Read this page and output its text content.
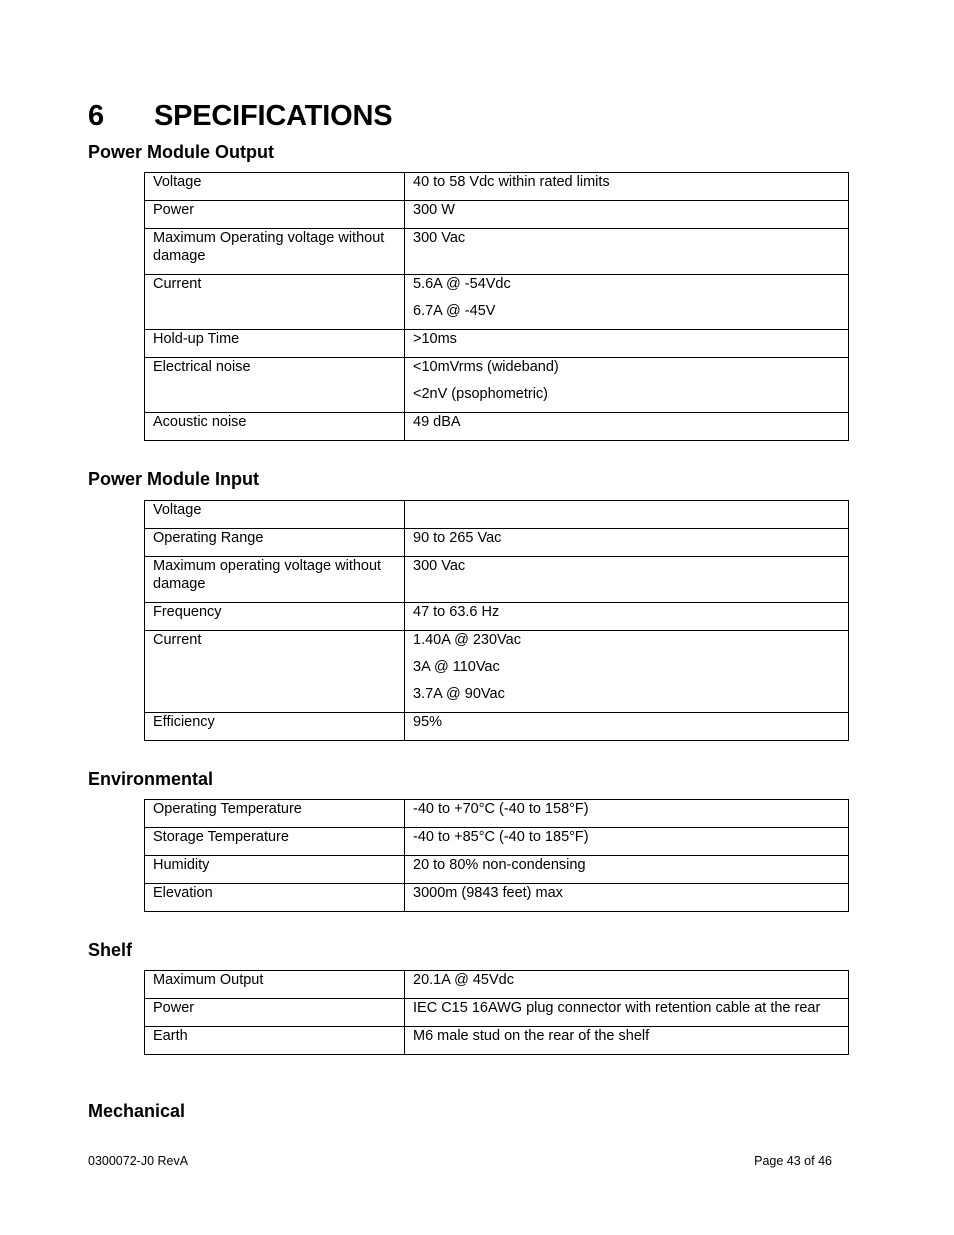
6 SPECIFICATIONS
Power Module Output
Voltage	40 to 58 Vdc within rated limits

Power	300 W

Maximum Operating voltage without damage	300 Vac

Current	5.6A @ -54Vdc
6.7A @ -45V

Hold-up Time	>10ms

Electrical noise	<10mVrms (wideband)
<2nV (psophometric)

Acoustic noise	49 dBA
Power Module Input
Voltage	

Operating Range	90 to 265 Vac

Maximum operating voltage without damage	300 Vac

Frequency	47 to 63.6 Hz

Current	1.40A @ 230Vac
3A @ 110Vac
3.7A @ 90Vac

Efficiency	95%
Environmental
Operating Temperature	-40 to +70°C (-40 to 158°F)

Storage Temperature	-40 to +85°C (-40 to 185°F)

Humidity	20 to 80% non-condensing

Elevation	3000m (9843 feet) max
Shelf
Maximum Output	20.1A @ 45Vdc

Power	IEC C15 16AWG plug connector with retention cable at the rear

Earth	M6 male stud on the rear of the shelf
Mechanical
0300072-J0 RevA	Page 43 of 46
